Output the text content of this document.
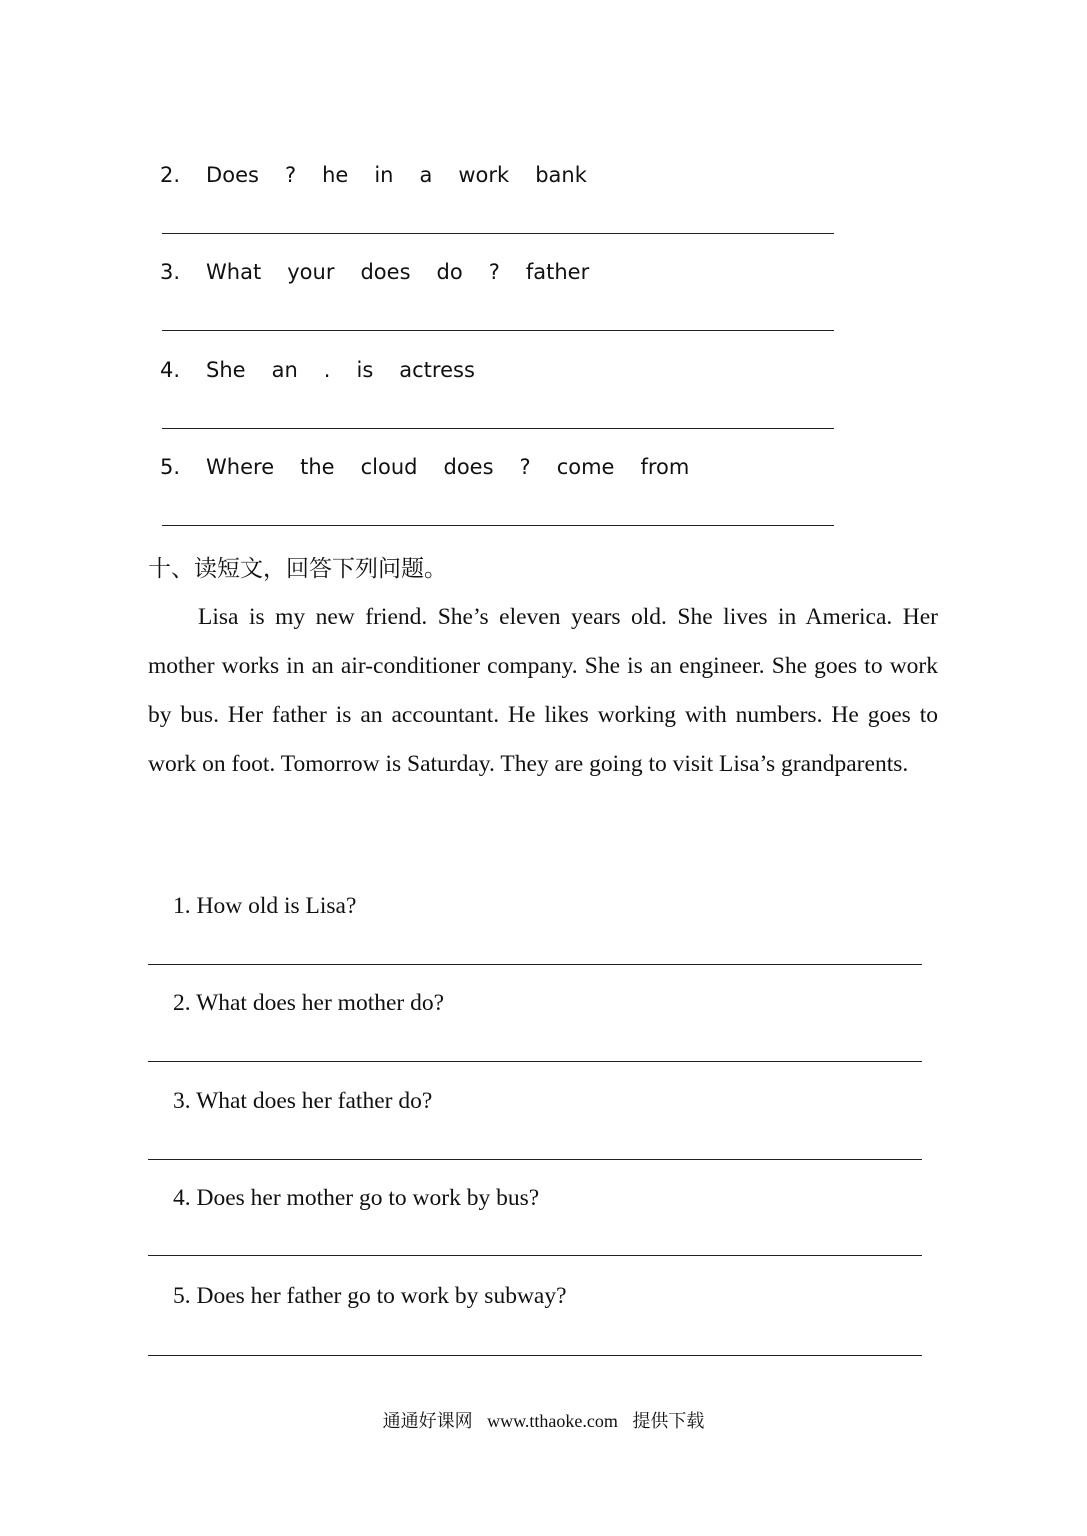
2. Does ? he in a work bank
3. What your does do ? father
4. She an . is actress
5. Where the cloud does ? come from
十、读短文，回答下列问题。
Lisa is my new friend. She’s eleven years old. She lives in America. Her mother works in an air-conditioner company. She is an engineer. She goes to work by bus. Her father is an accountant. He likes working with numbers. He goes to work on foot. Tomorrow is Saturday. They are going to visit Lisa’s grandparents.
1. How old is Lisa?
2. What does her mother do?
3. What does her father do?
4. Does her mother go to work by bus?
5. Does her father go to work by subway?
通通好课网 www.tthaoke.com 提供下载
